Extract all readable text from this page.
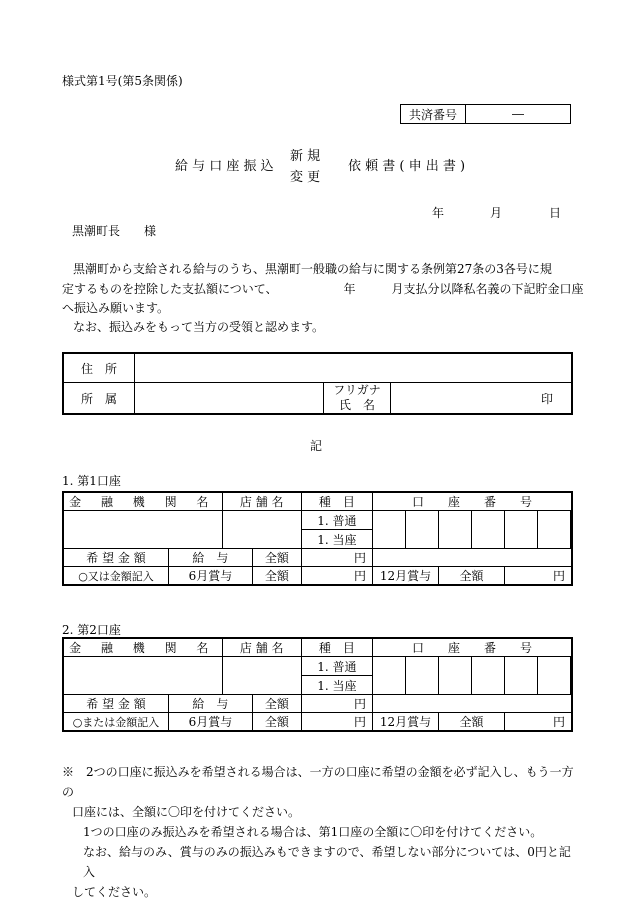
様式第1号(第5条関係)
共済番号	―
給 与 口 座 振 込
新 規
変 更
依 頼 書 ( 申 出 書 )
年	月	日
黒潮町長　　様
黒潮町から支給される給与のうち、黒潮町一般職の給与に関する条例第27条の3各号に規
定するものを控除した支払額について、　　　　　　年　　　月支払分以降私名義の下記貯金口座
へ振込み願います。
なお、振込みをもって当方の受領と認めます。
住　所			
所　属		フリガナ
氏　名	印
記
1. 第1口座
金 融 機 関 名		店 舗 名		種　目	口　　座　　番　　号						
				1. 普通							
				1. 当座							
希 望 金 額	給　与		全額	円							
○又は金額記入	6月賞与		全額	円	12月賞与		全額		円		
2. 第2口座
金 融 機 関 名		店 舗 名		種　目	口　　座　　番　　号						
				1. 普通							
				1. 当座							
希 望 金 額	給　与		全額	円							
○または金額記入	6月賞与		全額	円	12月賞与		全額		円		

※　 2つの口座に振込みを希望される場合は、一方の口座に希望の金額を必ず記入し、もう一方の

口座には、全額に〇印を付けてください。

1つの口座のみ振込みを希望される場合は、第1口座の全額に〇印を付けてください。

なお、給与のみ、賞与のみの振込みもできますので、希望しない部分については、0円と記入

してください。
